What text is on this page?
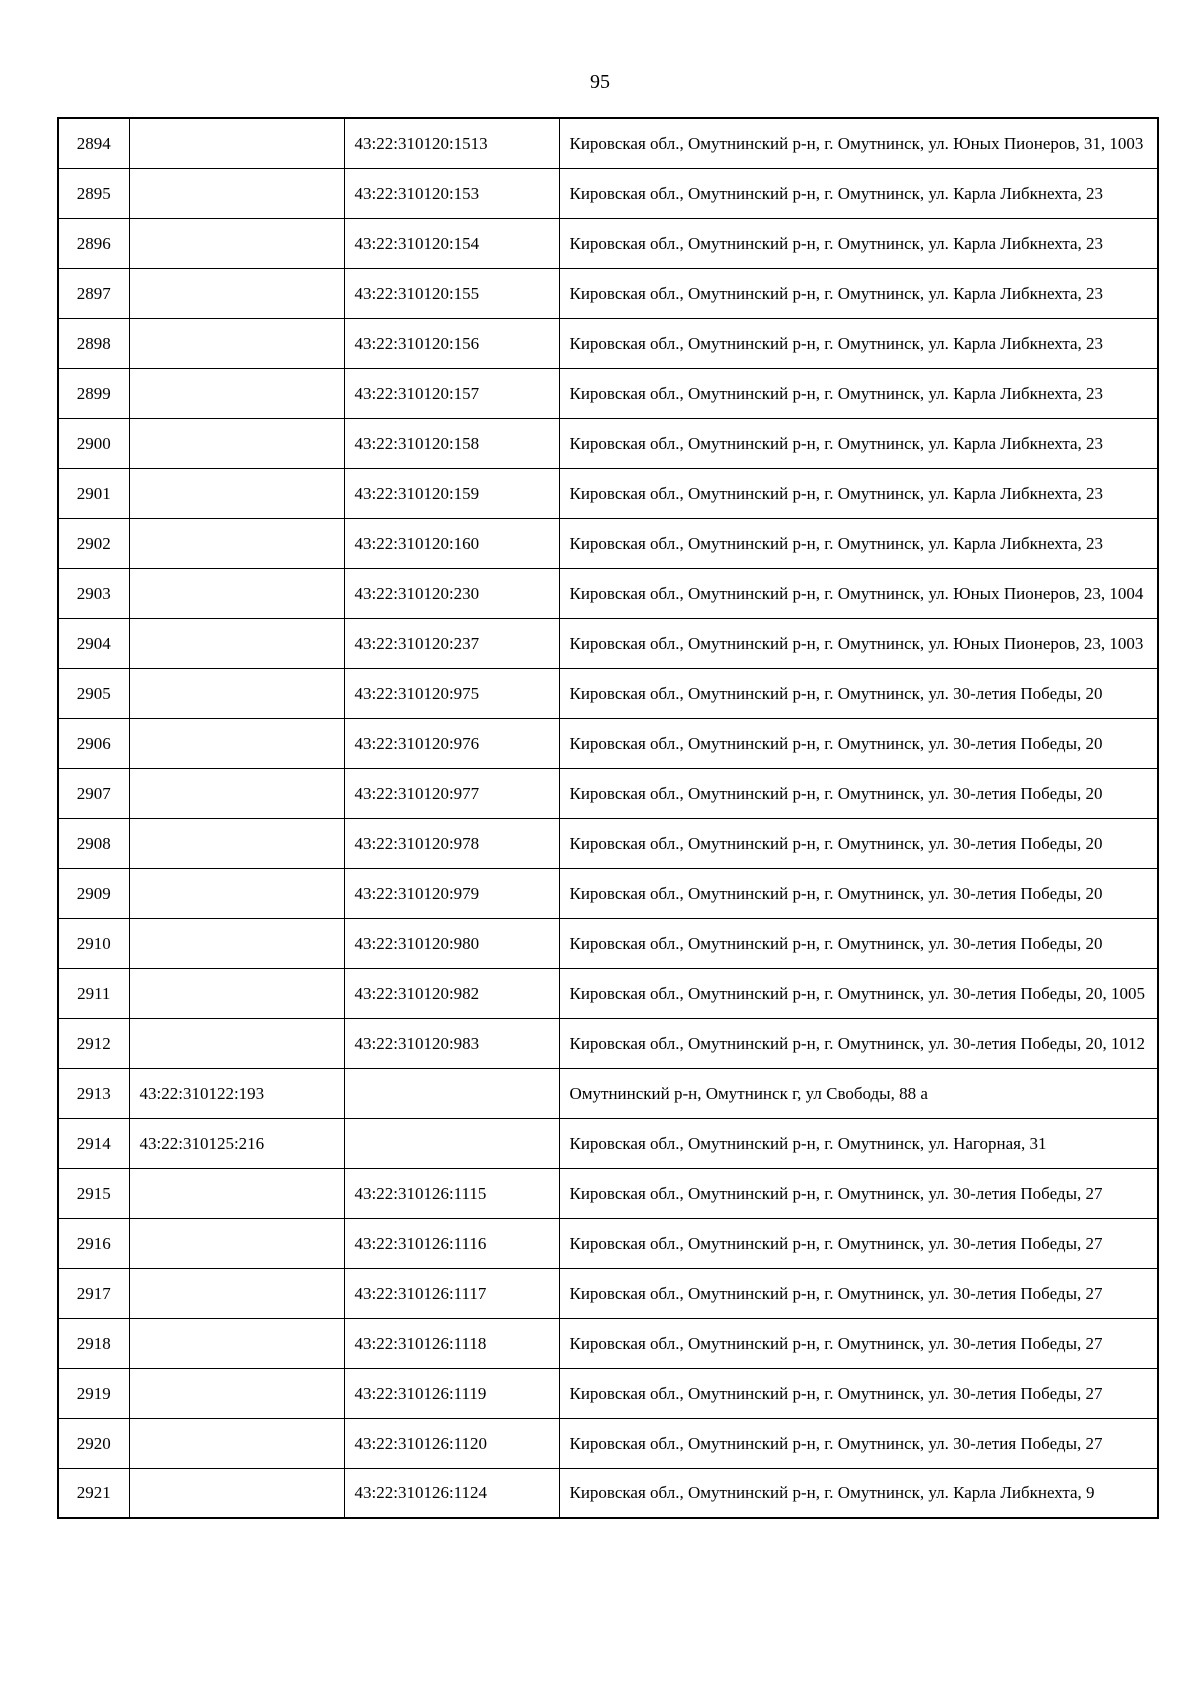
95
2894		43:22:310120:1513	Кировская обл., Омутнинский р-н, г. Омутнинск, ул. Юных Пионеров, 31, 1003
2895		43:22:310120:153	Кировская обл., Омутнинский р-н, г. Омутнинск, ул. Карла Либкнехта, 23
2896		43:22:310120:154	Кировская обл., Омутнинский р-н, г. Омутнинск, ул. Карла Либкнехта, 23
2897		43:22:310120:155	Кировская обл., Омутнинский р-н, г. Омутнинск, ул. Карла Либкнехта, 23
2898		43:22:310120:156	Кировская обл., Омутнинский р-н, г. Омутнинск, ул. Карла Либкнехта, 23
2899		43:22:310120:157	Кировская обл., Омутнинский р-н, г. Омутнинск, ул. Карла Либкнехта, 23
2900		43:22:310120:158	Кировская обл., Омутнинский р-н, г. Омутнинск, ул. Карла Либкнехта, 23
2901		43:22:310120:159	Кировская обл., Омутнинский р-н, г. Омутнинск, ул. Карла Либкнехта, 23
2902		43:22:310120:160	Кировская обл., Омутнинский р-н, г. Омутнинск, ул. Карла Либкнехта, 23
2903		43:22:310120:230	Кировская обл., Омутнинский р-н, г. Омутнинск, ул. Юных Пионеров, 23, 1004
2904		43:22:310120:237	Кировская обл., Омутнинский р-н, г. Омутнинск, ул. Юных Пионеров, 23, 1003
2905		43:22:310120:975	Кировская обл., Омутнинский р-н, г. Омутнинск, ул. 30-летия Победы, 20
2906		43:22:310120:976	Кировская обл., Омутнинский р-н, г. Омутнинск, ул. 30-летия Победы, 20
2907		43:22:310120:977	Кировская обл., Омутнинский р-н, г. Омутнинск, ул. 30-летия Победы, 20
2908		43:22:310120:978	Кировская обл., Омутнинский р-н, г. Омутнинск, ул. 30-летия Победы, 20
2909		43:22:310120:979	Кировская обл., Омутнинский р-н, г. Омутнинск, ул. 30-летия Победы, 20
2910		43:22:310120:980	Кировская обл., Омутнинский р-н, г. Омутнинск, ул. 30-летия Победы, 20
2911		43:22:310120:982	Кировская обл., Омутнинский р-н, г. Омутнинск, ул. 30-летия Победы, 20, 1005
2912		43:22:310120:983	Кировская обл., Омутнинский р-н, г. Омутнинск, ул. 30-летия Победы, 20, 1012
2913	43:22:310122:193		Омутнинский р-н, Омутнинск г, ул Свободы, 88 а
2914	43:22:310125:216		Кировская обл., Омутнинский р-н, г. Омутнинск, ул. Нагорная, 31
2915		43:22:310126:1115	Кировская обл., Омутнинский р-н, г. Омутнинск, ул. 30-летия Победы, 27
2916		43:22:310126:1116	Кировская обл., Омутнинский р-н, г. Омутнинск, ул. 30-летия Победы, 27
2917		43:22:310126:1117	Кировская обл., Омутнинский р-н, г. Омутнинск, ул. 30-летия Победы, 27
2918		43:22:310126:1118	Кировская обл., Омутнинский р-н, г. Омутнинск, ул. 30-летия Победы, 27
2919		43:22:310126:1119	Кировская обл., Омутнинский р-н, г. Омутнинск, ул. 30-летия Победы, 27
2920		43:22:310126:1120	Кировская обл., Омутнинский р-н, г. Омутнинск, ул. 30-летия Победы, 27
2921		43:22:310126:1124	Кировская обл., Омутнинский р-н, г. Омутнинск, ул. Карла Либкнехта, 9
